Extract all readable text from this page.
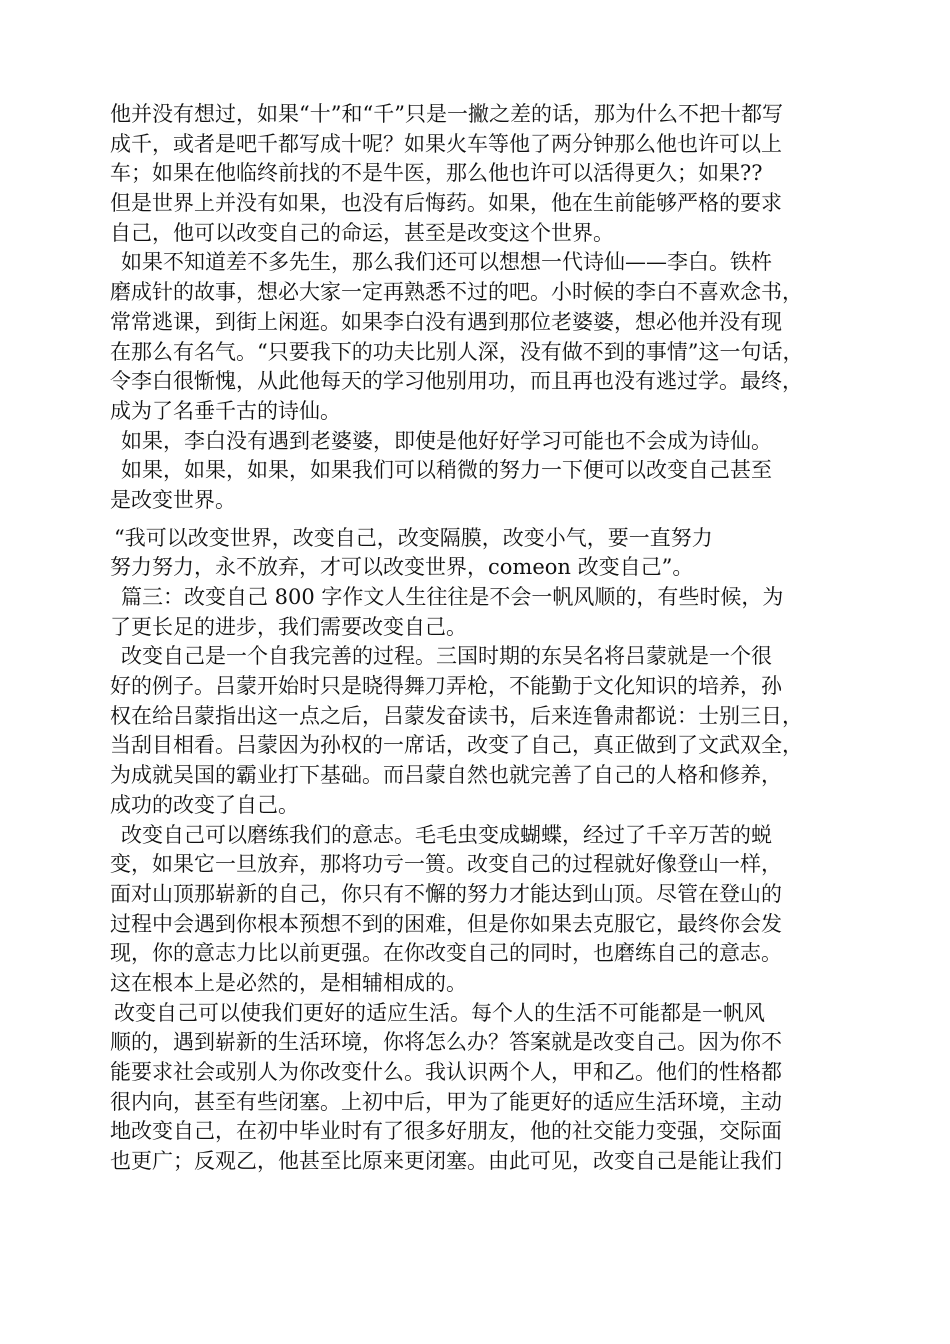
他并没有想过，如果“十”和“千”只是一撇之差的话，那为什么不把十都写
成千，或者是吧千都写成十呢？如果火车等他了两分钟那么他也许可以上
车；如果在他临终前找的不是牛医，那么他也许可以活得更久；如果??
但是世界上并没有如果，也没有后悔药。如果，他在生前能够严格的要求
自己，他可以改变自己的命运，甚至是改变这个世界。
如果不知道差不多先生，那么我们还可以想想一代诗仙——李白。铁杵
磨成针的故事，想必大家一定再熟悉不过的吧。小时候的李白不喜欢念书，
常常逃课，到街上闲逛。如果李白没有遇到那位老婆婆，想必他并没有现
在那么有名气。“只要我下的功夫比别人深，没有做不到的事情”这一句话，
令李白很惭愧，从此他每天的学习他别用功，而且再也没有逃过学。最终，
成为了名垂千古的诗仙。
如果，李白没有遇到老婆婆，即使是他好好学习可能也不会成为诗仙。
如果，如果，如果，如果我们可以稍微的努力一下便可以改变自己甚至
是改变世界。
“我可以改变世界，改变自己，改变隔膜，改变小气，要一直努力
努力努力，永不放弃，才可以改变世界，comeon 改变自己”。
篇三：改变自己 800 字作文人生往往是不会一帆风顺的，有些时候，为
了更长足的进步，我们需要改变自己。
改变自己是一个自我完善的过程。三国时期的东吴名将吕蒙就是一个很
好的例子。吕蒙开始时只是晓得舞刀弄枪，不能勤于文化知识的培养，孙
权在给吕蒙指出这一点之后，吕蒙发奋读书，后来连鲁肃都说：士别三日，
当刮目相看。吕蒙因为孙权的一席话，改变了自己，真正做到了文武双全，
为成就吴国的霸业打下基础。而吕蒙自然也就完善了自己的人格和修养，
成功的改变了自己。
改变自己可以磨练我们的意志。毛毛虫变成蝴蝶，经过了千辛万苦的蜕
变，如果它一旦放弃，那将功亏一篑。改变自己的过程就好像登山一样，
面对山顶那崭新的自己，你只有不懈的努力才能达到山顶。尽管在登山的
过程中会遇到你根本预想不到的困难，但是你如果去克服它，最终你会发
现，你的意志力比以前更强。在你改变自己的同时，也磨练自己的意志。
这在根本上是必然的，是相辅相成的。
改变自己可以使我们更好的适应生活。每个人的生活不可能都是一帆风
顺的，遇到崭新的生活环境，你将怎么办？答案就是改变自己。因为你不
能要求社会或别人为你改变什么。我认识两个人，甲和乙。他们的性格都
很内向，甚至有些闭塞。上初中后，甲为了能更好的适应生活环境，主动
地改变自己，在初中毕业时有了很多好朋友，他的社交能力变强，交际面
也更广；反观乙，他甚至比原来更闭塞。由此可见，改变自己是能让我们
